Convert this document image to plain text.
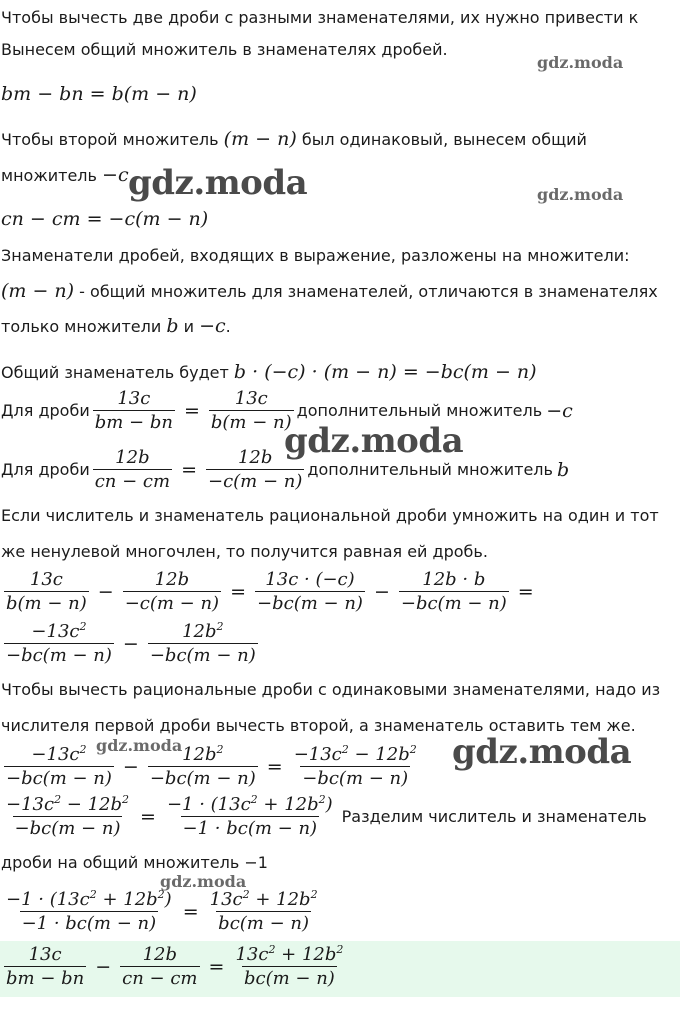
gdz.moda
gdz.moda	gdz.moda
gdz.moda
gdz.moda	gdz.moda
gdz.moda
Чтобы вычесть две дроби с разными знаменателями, их нужно привести к
Вынесем общий множитель в знаменателях дробей.
bm − bn = b(m − n)
Чтобы второй множитель (m − n) был одинаковый, вынесем общий
множитель −c
cn − cm = −c(m − n)
Знаменатели дробей, входящих в выражение, разложены на множители:
(m − n) - общий множитель для знаменателей, отличаются в знаменателях
только множители b и −c.
Общий знаменатель будет b · (−c) · (m − n) = −bc(m − n)
Для дроби $\frac{13c}{bm - bn} = \frac{13c}{b(m - n)}$ дополнительный множитель −c
Для дроби $\frac{12b}{cn - cm} = \frac{12b}{-c(m - n)}$ дополнительный множитель b
Если числитель и знаменатель рациональной дроби умножить на один и тот
же ненулевой многочлен, то получится равная ей дробь.
$\frac{13c}{b(m - n)} - \frac{12b}{-c(m - n)} = \frac{13c \cdot (-c)}{-bc(m - n)} - \frac{12b \cdot b}{-bc(m - n)}$ =
$\frac{-13c^2}{-bc(m - n)} - \frac{12b^2}{-bc(m - n)}$
Чтобы вычесть рациональные дроби с одинаковыми знаменателями, надо из
числителя первой дроби вычесть второй, а знаменатель оставить тем же.
$\frac{-13c^2}{-bc(m - n)} - \frac{12b^2}{-bc(m - n)} = \frac{-13c^2 - 12b^2}{-bc(m - n)}$
$\frac{-13c^2 - 12b^2}{-bc(m - n)} = \frac{-1 \cdot (13c^2 + 12b^2)}{-1 \cdot bc(m - n)}$ Разделим числитель и знаменатель
дроби на общий множитель −1
$\frac{-1 \cdot (13c^2 + 12b^2)}{-1 \cdot bc(m - n)} = \frac{13c^2 + 12b^2}{bc(m - n)}$
$\frac{13c}{bm - bn} - \frac{12b}{cn - cm} = \frac{13c^2 + 12b^2}{bc(m - n)}$
